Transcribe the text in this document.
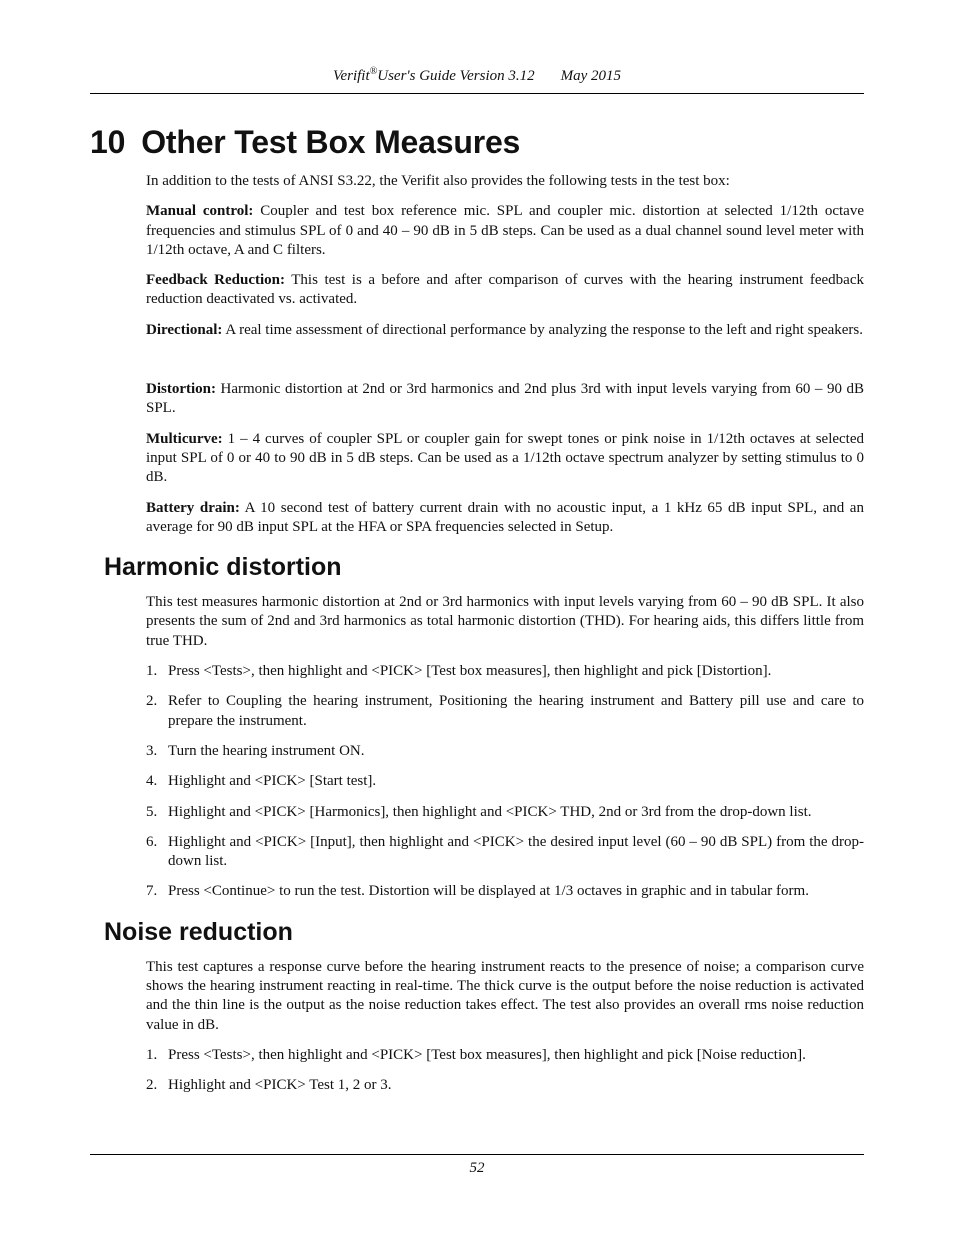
Verifit®User's Guide Version 3.12 May 2015
10 Other Test Box Measures

In addition to the tests of ANSI S3.22, the Verifit also provides the following tests in the test box:

Manual control: Coupler and test box reference mic. SPL and coupler mic. distortion at selected 1/12th octave frequencies and stimulus SPL of 0 and 40 – 90 dB in 5 dB steps. Can be used as a dual channel sound level meter with 1/12th octave, A and C filters.

Feedback Reduction: This test is a before and after comparison of curves with the hearing instrument feedback reduction deactivated vs. activated.

Directional: A real time assessment of directional performance by analyzing the response to the left and right speakers.

Distortion: Harmonic distortion at 2nd or 3rd harmonics and 2nd plus 3rd with input levels varying from 60 – 90 dB SPL.

Multicurve: 1 – 4 curves of coupler SPL or coupler gain for swept tones or pink noise in 1/12th octaves at selected input SPL of 0 or 40 to 90 dB in 5 dB steps. Can be used as a 1/12th octave spectrum analyzer by setting stimulus to 0 dB.

Battery drain: A 10 second test of battery current drain with no acoustic input, a 1 kHz 65 dB input SPL, and an average for 90 dB input SPL at the HFA or SPA frequencies selected in Setup.

Harmonic distortion

This test measures harmonic distortion at 2nd or 3rd harmonics with input levels varying from 60 – 90 dB SPL. It also presents the sum of 2nd and 3rd harmonics as total harmonic distortion (THD). For hearing aids, this differs little from true THD.

1. Press <Tests>, then highlight and <PICK> [Test box measures], then highlight and pick [Distortion].
2. Refer to Coupling the hearing instrument, Positioning the hearing instrument and Battery pill use and care to prepare the instrument.
3. Turn the hearing instrument ON.
4. Highlight and <PICK> [Start test].
5. Highlight and <PICK> [Harmonics], then highlight and <PICK> THD, 2nd or 3rd from the drop-down list.
6. Highlight and <PICK> [Input], then highlight and <PICK> the desired input level (60 – 90 dB SPL) from the drop-down list.
7. Press <Continue> to run the test. Distortion will be displayed at 1/3 octaves in graphic and in tabular form.
Noise reduction

This test captures a response curve before the hearing instrument reacts to the presence of noise; a comparison curve shows the hearing instrument reacting in real-time. The thick curve is the output before the noise reduction is activated and the thin line is the output as the noise reduction takes effect. The test also provides an overall rms noise reduction value in dB.

1. Press <Tests>, then highlight and <PICK> [Test box measures], then highlight and pick [Noise reduction].
2. Highlight and <PICK> Test 1, 2 or 3.
52
